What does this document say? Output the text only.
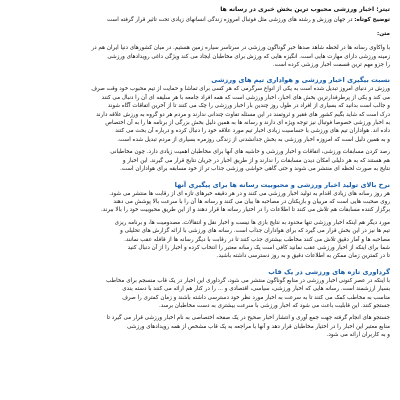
تیتر: اخبار ورزشی محبوب ترین بخش خبری در رسانه ها
توضیح کوتاه: در جهان ورزش و رشته های ورزشی مثل فوتبال امروزه زندگی انسانهای زیادی تحت تاثیر قرار گرفته است
متن:
با واکاوی رسانه ها در لحظه شاهد صدها خبر گوناگون ورزشی در سرتاسر سیاره زمین هستیم. در میان کشورهای دنیا ایران هم در
زمینه ورزشی دارای مهارت هایی است. انگیزه هایی که ورزش برای مخاطبان ایجاد می کند ویژگی داغی رویدادهای ورزشی
را جزو مهم ترین قسمت اخبار ورزشی کرده است.
نسبت بیگیری اخبار ورزشی و هواداری تیم های ورزشی
ورزش در دنیای امروز تبدیل شده است به یکی از انواع سرگرمی که هر کسی برای تماشا و حمایت از تیم محبوب خود وقت صرف
می کند و یکی از پرطرفدارترین بخش های اخبار، اخبار ورزشی است که همه افراد جامعه با هر سلیقه ای آن را دنبال می کنند
و جالب است بدانید که بسیاری از افراد در طول روز چندین بار اخبار ورزشی را چک می کنند تا از آخرین اتفاقات آگاه شوند
درک است که شاید بگیم کشور های فقیر و ثروتمند در این مسئله تفاوت چندانی ندارند و مردم هر دو گروه به ورزش علاقه دارند
به اخبار ورزشی خصوصا فوتبال نیز توجه ویژه ای دارند و رسانه ها به همین دلیل بخش بزرگی از برنامه ها را به آن اختصاص
داده اند. هواداران تیم های ورزشی با حساسیت زیادی اخبار تیم مورد علاقه خود را دنبال کرده و درباره آن بحث می کنند
و به همین دلیل است که امروزه اخبار ورزشی به بخش جدانشدنی از زندگی روزمره بسیاری از مردم تبدیل شده است.
رصد کردن مسابقات ورزشی، اتفاقات و اخبار ورزشی و حاشیه های آنها برای مخاطبان اهمیت زیادی دارد. چون مخاطبانی
هم هستند که به هر دلیلی امکان دیدن مسابقات را ندارند و از طریق اخبار در جریان نتایج قرار می گیرند. این اخبار و
نتایج به صورت لحظه ای منتشر می شوند و حتی گاهی حواشی ورزشی جذاب تر از خود مسابقه برای هواداران است.
نرخ بالای تولید اخبار ورزشی و محبوبیت رسانه ها برای پیگیری آنها
هر روز رسانه های زیادی اقدام به تولید اخبار ورزشی می کنند و در هر دقیقه خبرهای تازه ای از رقابت ها منتشر می شود.
روی صحبت هایی است که مربیان و بازیکنان در مصاحبه ها بیان می کنند و رسانه ها آن را با سرعت بالا پوشش می دهند
برگزار کننده مسابقات هم تلاش می کنند تا اطلاعات را در اختیار رسانه ها قرار دهند و از این طریق محبوبیت خود را بالا ببرند.
مورد دیگر هم اینکه اخبار ورزشی تنها محدود به نتایج بازی ها نیست و اخبار نقل و انتقالات، مصدومیت ها، و برنامه ریزی
تیم ها نیز در این بخش قرار می گیرد که برای هواداران جذاب است. رسانه های ورزشی با ارائه گزارش های تحلیلی و
مصاحبه ها و آمار دقیق تلاش می کنند مخاطب بیشتری جذب کنند تا در رقابت با دیگر رسانه ها از قافله عقب نمانند.
شما برای اینکه از اخبار ورزشی عقب نمانید کافی است یک رسانه معتبر را انتخاب کرده و اخبار را از آن دنبال کنید
تا در کمترین زمان ممکن به اطلاعات دقیق و به روز دسترسی داشته باشید.
گرداوری تازه های ورزشی در یک قاب
با اینکه در عصر کنونی اخبار ورزشی در منابع گوناگون منتشر می شود، گرداوری این اخبار در یک قاب منسجم برای مخاطب
بسیار ارزشمند است. رسانه هایی که اخبار ورزشی، سیاسی، اقتصادی و ... را در کنار هم ارائه می کنند با دسته بندی
مناسب به مخاطب کمک می کنند تا به سرعت به اخبار مورد نظر خود دسترسی داشته باشند و زمان کمتری را صرف
جستجو کنند. این قابلیت باعث می شود که اخبار ورزشی با سرعت بیشتری به دست مخاطبان برسد.
جستجو های انجام گرفته جهت جمع آوری و انتشار اخبار صحیح در یک صفحه اختصاصی به نام اخبار ورزشی قرار می گیرد تا
منابع معتبر این اخبار را در اختیار مخاطبان قرار دهد و آنها با مراجعه به یک قاب مشخص از همه رویدادهای ورزشی
و به کاربران ارائه می شود.
